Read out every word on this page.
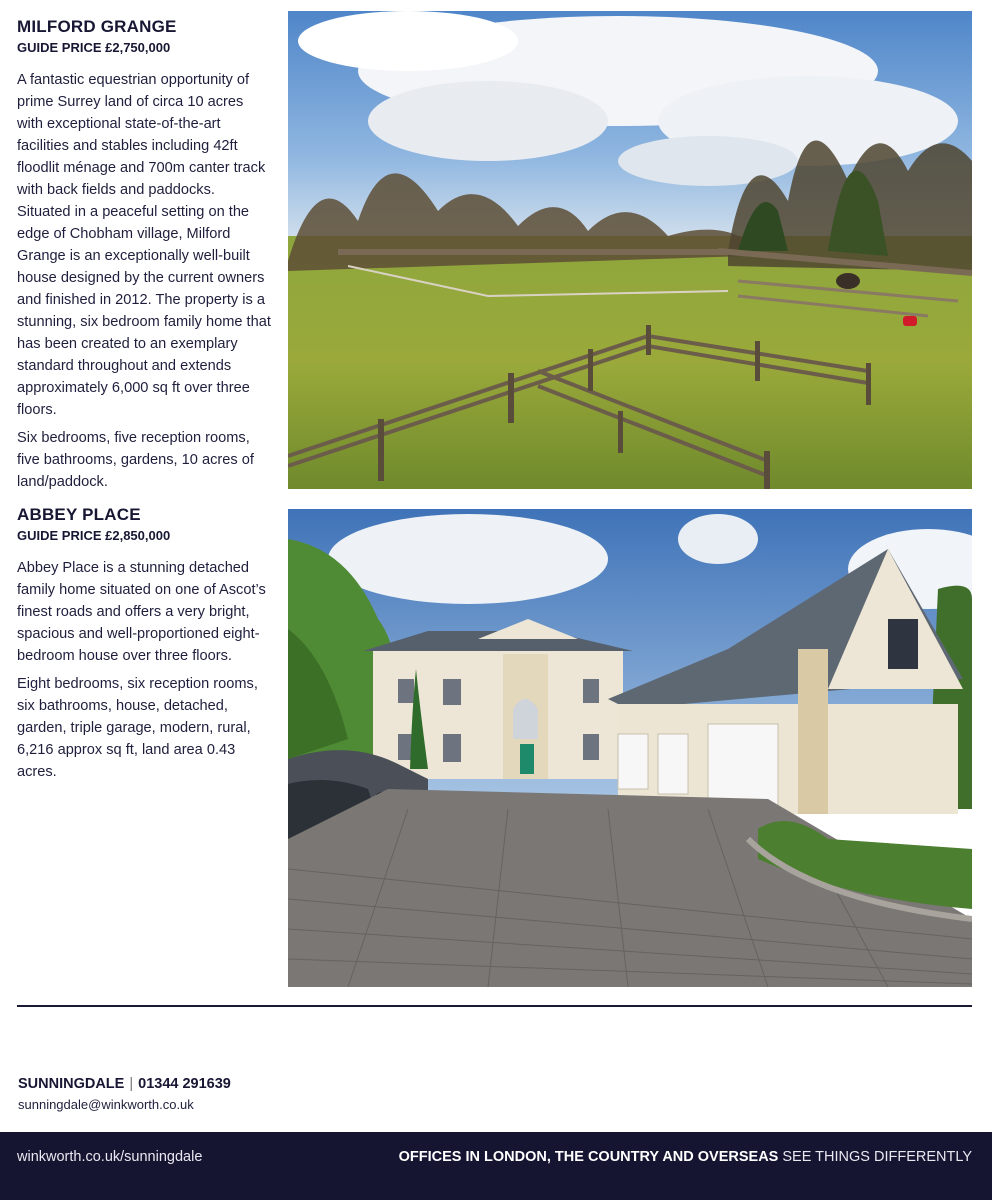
MILFORD GRANGE
GUIDE PRICE £2,750,000

A fantastic equestrian opportunity of prime Surrey land of circa 10 acres with exceptional state-of-the-art facilities and stables including 42ft floodlit ménage and 700m canter track with back fields and paddocks. Situated in a peaceful setting on the edge of Chobham village, Milford Grange is an exceptionally well-built house designed by the current owners and finished in 2012. The property is a stunning, six bedroom family home that has been created to an exemplary standard throughout and extends approximately 6,000 sq ft over three floors.

Six bedrooms, five reception rooms, five bathrooms, gardens, 10 acres of land/paddock.

ABBEY PLACE
GUIDE PRICE £2,850,000

Abbey Place is a stunning detached family home situated on one of Ascot’s finest roads and offers a very bright, spacious and well-proportioned eight-bedroom house over three floors.

Eight bedrooms, six reception rooms, six bathrooms, house, detached, garden, triple garage, modern, rural, 6,216 approx sq ft, land area 0.43 acres.

SUNNINGDALE | 01344 291639
sunningdale@winkworth.co.uk
winkworth.co.uk/sunningdale	OFFICES IN LONDON, THE COUNTRY AND OVERSEAS SEE THINGS DIFFERENTLY
